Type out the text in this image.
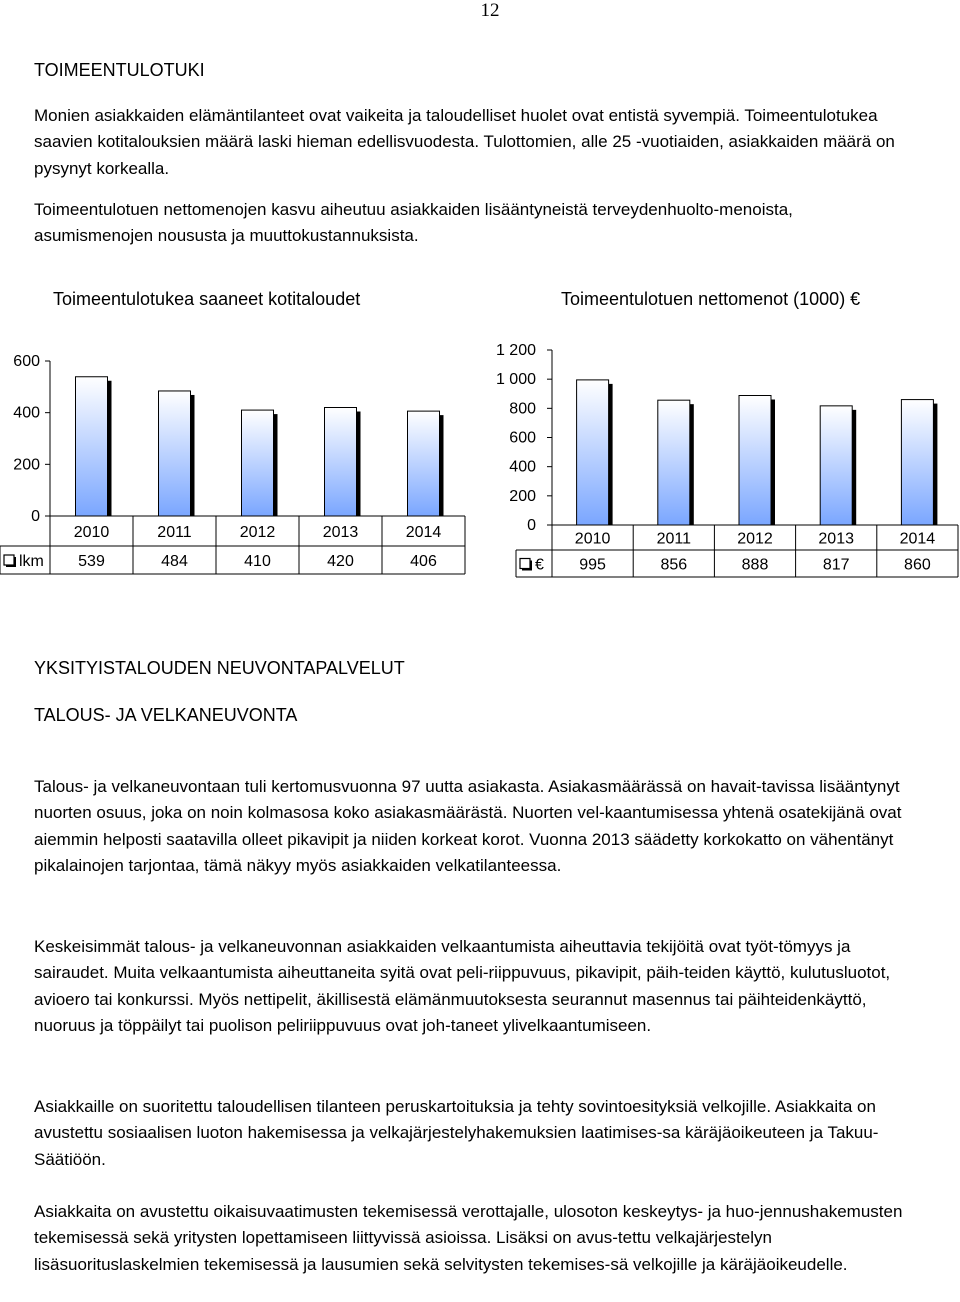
12
TOIMEENTULOTUKI

Monien asiakkaiden elämäntilanteet ovat vaikeita ja taloudelliset huolet ovat entistä syvempiä. Toimeentulotukea saavien kotitalouksien määrä laski hieman edellisvuodesta. Tulottomien, alle 25 -vuotiaiden, asiakkaiden määrä on pysynyt korkealla.

Toimeentulotuen nettomenojen kasvu aiheutuu asiakkaiden lisääntyneistä terveydenhuolto-menoista, asumismenojen noususta ja muuttokustannuksista.

Toimeentulotukea saaneet kotitaloudet	Toimeentulotuen nettomenot (1000) €
0
200
400
600
2010	2011	2012	2013	2014
539	484	410	420	406
lkm
0
200
400
600
800
1 000
1 200
2010	2011	2012	2013	2014
995	856	888	817	860
€
YKSITYISTALOUDEN NEUVONTAPALVELUT
TALOUS- JA VELKANEUVONTA

Talous- ja velkaneuvontaan tuli kertomusvuonna 97 uutta asiakasta. Asiakasmäärässä on havait-tavissa lisääntynyt nuorten osuus, joka on noin kolmasosa koko asiakasmäärästä. Nuorten vel-kaantumisessa yhtenä osatekijänä ovat aiemmin helposti saatavilla olleet pikavipit ja niiden korkeat korot. Vuonna 2013 säädetty korkokatto on vähentänyt pikalainojen tarjontaa, tämä näkyy myös asiakkaiden velkatilanteessa.

Keskeisimmät talous- ja velkaneuvonnan asiakkaiden velkaantumista aiheuttavia tekijöitä ovat työt-tömyys ja sairaudet. Muita velkaantumista aiheuttaneita syitä ovat peli-riippuvuus, pikavipit, päih-teiden käyttö, kulutusluotot, avioero tai konkurssi. Myös nettipelit, äkillisestä elämänmuutoksesta seurannut masennus tai päihteidenkäyttö, nuoruus ja töppäilyt tai puolison peliriippuvuus ovat joh-taneet ylivelkaantumiseen.

Asiakkaille on suoritettu taloudellisen tilanteen peruskartoituksia ja tehty sovintoesityksiä velkojille. Asiakkaita on avustettu sosiaalisen luoton hakemisessa ja velkajärjestelyhakemuksien laatimises-sa käräjäoikeuteen ja Takuu- Säätiöön.

Asiakkaita on avustettu oikaisuvaatimusten tekemisessä verottajalle, ulosoton keskeytys- ja huo-jennushakemusten tekemisessä sekä yritysten lopettamiseen liittyvissä asioissa. Lisäksi on avus-tettu velkajärjestelyn lisäsuorituslaskelmien tekemisessä ja lausumien sekä selvitysten tekemises-sä velkojille ja käräjäoikeudelle.
